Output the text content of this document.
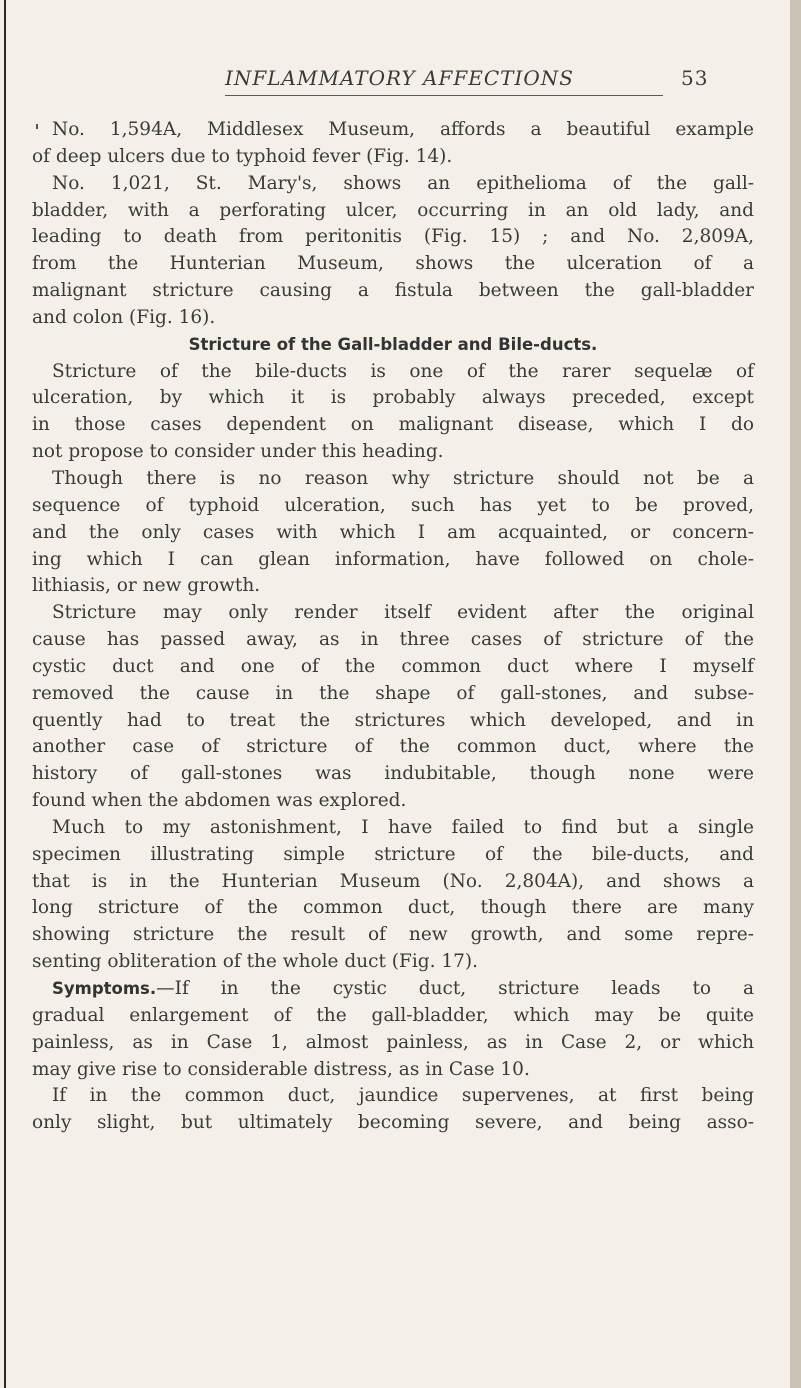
INFLAMMATORY AFFECTIONS	53
No. 1,594A, Middlesex Museum, affords a beautiful example
of deep ulcers due to typhoid fever (Fig. 14).
No. 1,021, St. Mary's, shows an epithelioma of the gall-
bladder, with a perforating ulcer, occurring in an old lady, and
leading to death from peritonitis (Fig. 15) ; and No. 2,809A,
from the Hunterian Museum, shows the ulceration of a
malignant stricture causing a fistula between the gall-bladder
and colon (Fig. 16).
Stricture of the Gall-bladder and Bile-ducts.
Stricture of the bile-ducts is one of the rarer sequelæ of
ulceration, by which it is probably always preceded, except
in those cases dependent on malignant disease, which I do
not propose to consider under this heading.
Though there is no reason why stricture should not be a
sequence of typhoid ulceration, such has yet to be proved,
and the only cases with which I am acquainted, or concern-
ing which I can glean information, have followed on chole-
lithiasis, or new growth.
Stricture may only render itself evident after the original
cause has passed away, as in three cases of stricture of the
cystic duct and one of the common duct where I myself
removed the cause in the shape of gall-stones, and subse-
quently had to treat the strictures which developed, and in
another case of stricture of the common duct, where the
history of gall-stones was indubitable, though none were
found when the abdomen was explored.
Much to my astonishment, I have failed to find but a single
specimen illustrating simple stricture of the bile-ducts, and
that is in the Hunterian Museum (No. 2,804A), and shows a
long stricture of the common duct, though there are many
showing stricture the result of new growth, and some repre-
senting obliteration of the whole duct (Fig. 17).
Symptoms.—If in the cystic duct, stricture leads to a
gradual enlargement of the gall-bladder, which may be quite
painless, as in Case 1, almost painless, as in Case 2, or which
may give rise to considerable distress, as in Case 10.
If in the common duct, jaundice supervenes, at first being
only slight, but ultimately becoming severe, and being asso-
